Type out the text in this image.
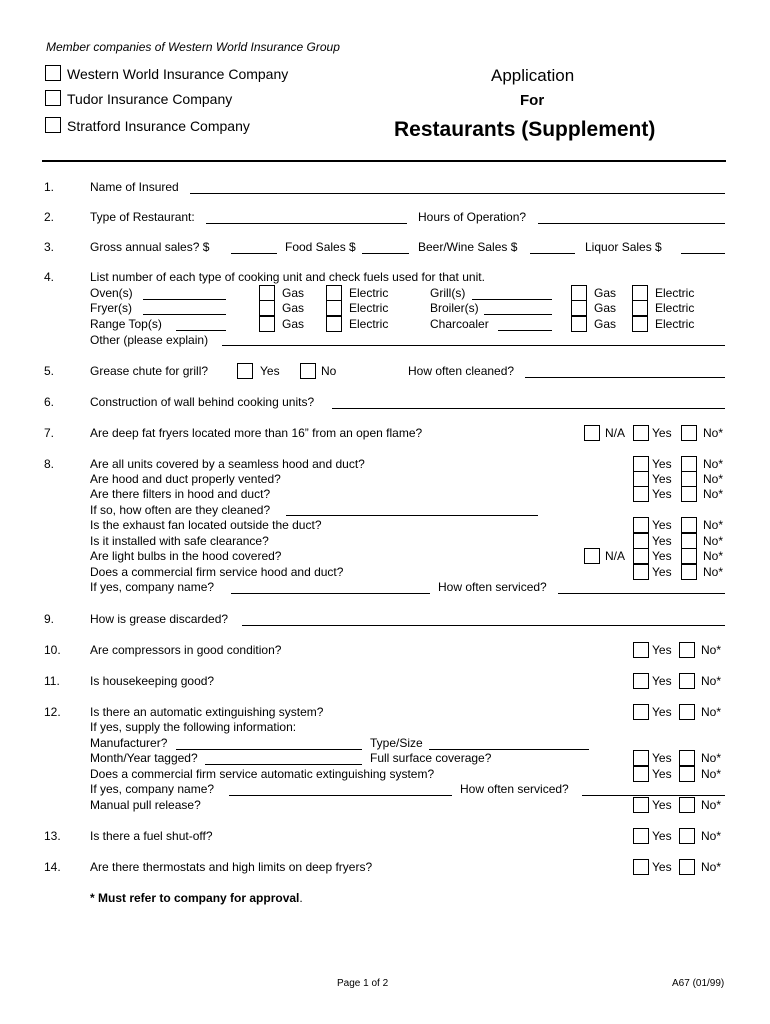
Member companies of Western World Insurance Group
Western World Insurance Company
Tudor Insurance Company
Stratford Insurance Company
Application
For
Restaurants (Supplement)
1.	Name of Insured
2.	Type of Restaurant:	Hours of Operation?
3.	Gross annual sales? $	Food Sales $	Beer/Wine Sales $	Liquor Sales $
4.	List number of each type of cooking unit and check fuels used for that unit.
Oven(s)	Gas	Electric	Grill(s)	Gas	Electric
Fryer(s)	Gas	Electric	Broiler(s)	Gas	Electric
Range Top(s)	Gas	Electric	Charcoaler	Gas	Electric
Other (please explain)
5.	Grease chute for grill?	Yes	No	How often cleaned?
6.	Construction of wall behind cooking units?
7.	Are deep fat fryers located more than 16” from an open flame?	N/A Yes	No*
8.	Are all units covered by a seamless hood and duct?	Yes	No*
Are hood and duct properly vented?	Yes	No*
Are there filters in hood and duct?	Yes	No*
If so, how often are they cleaned?
Is the exhaust fan located outside the duct?	Yes	No*
Is it installed with safe clearance?	Yes	No*
Are light bulbs in the hood covered?	N/A Yes	No*
Does a commercial firm service hood and duct?	Yes	No*
If yes, company name?	How often serviced?
9.	How is grease discarded?
10. Are compressors in good condition?	Yes No*
11.	Is housekeeping good?	Yes No*
12. Is there an automatic extinguishing system?	Yes No*
If yes, supply the following information:
Manufacturer?	Type/Size
Month/Year tagged?	Full surface coverage?	Yes No*
Does a commercial firm service automatic extinguishing system?	Yes No*
If yes, company name?	How often serviced?
Manual pull release?	Yes No*
13. Is there a fuel shut-off?	Yes No*
14. Are there thermostats and high limits on deep fryers?	Yes No*
* Must refer to company for approval.
Page 1 of 2	A67 (01/99)
